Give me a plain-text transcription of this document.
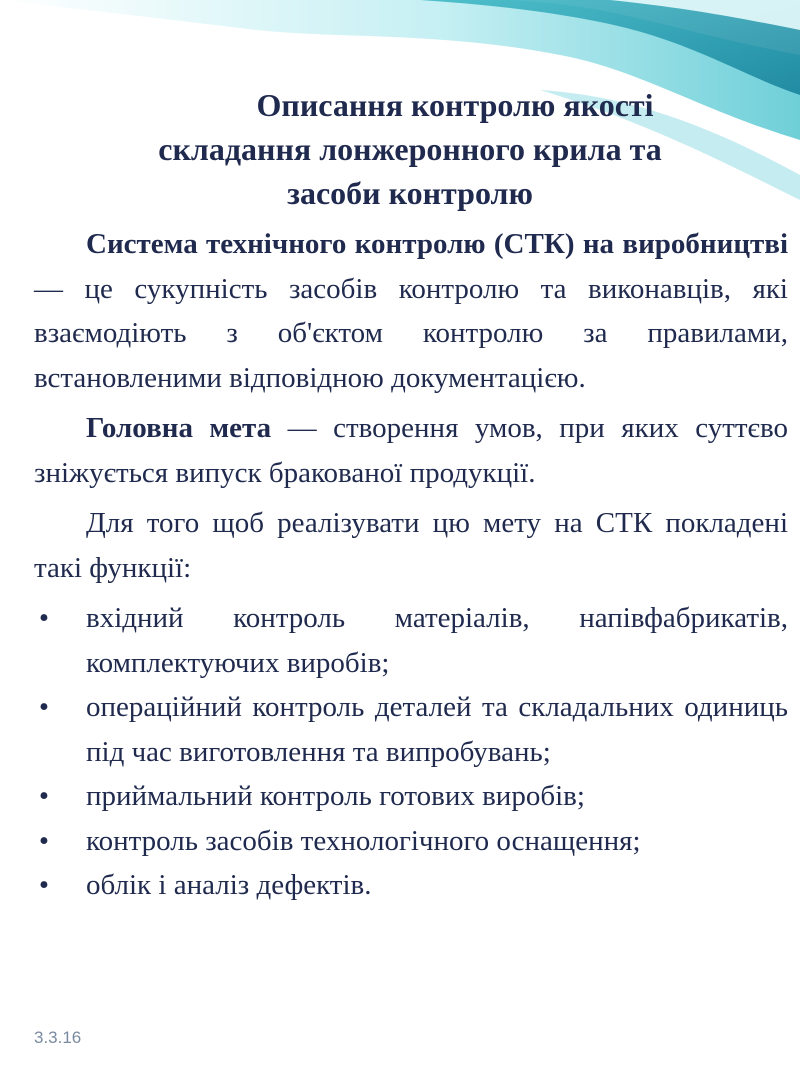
Описання контролю якості
складання лонжеронного крила та
засоби контролю

Система технічного контролю (СТК) на виробництві — це сукупність засобів контролю та виконавців, які взаємодіють з об'єктом контролю за правилами, встановленими відповідною документацією.

Головна мета — створення умов, при яких суттєво зніжується випуск бракованої продукції.

Для того щоб реалізувати цю мету на СТК покладені такі функції:

• вхідний контроль матеріалів, напівфабрикатів, комплектуючих виробів;
• операційний контроль деталей та складальних одиниць під час виготовлення та випробувань;
• приймальний контроль готових виробів;
• контроль засобів технологічного оснащення;
• облік і аналіз дефектів.
3.3.16
